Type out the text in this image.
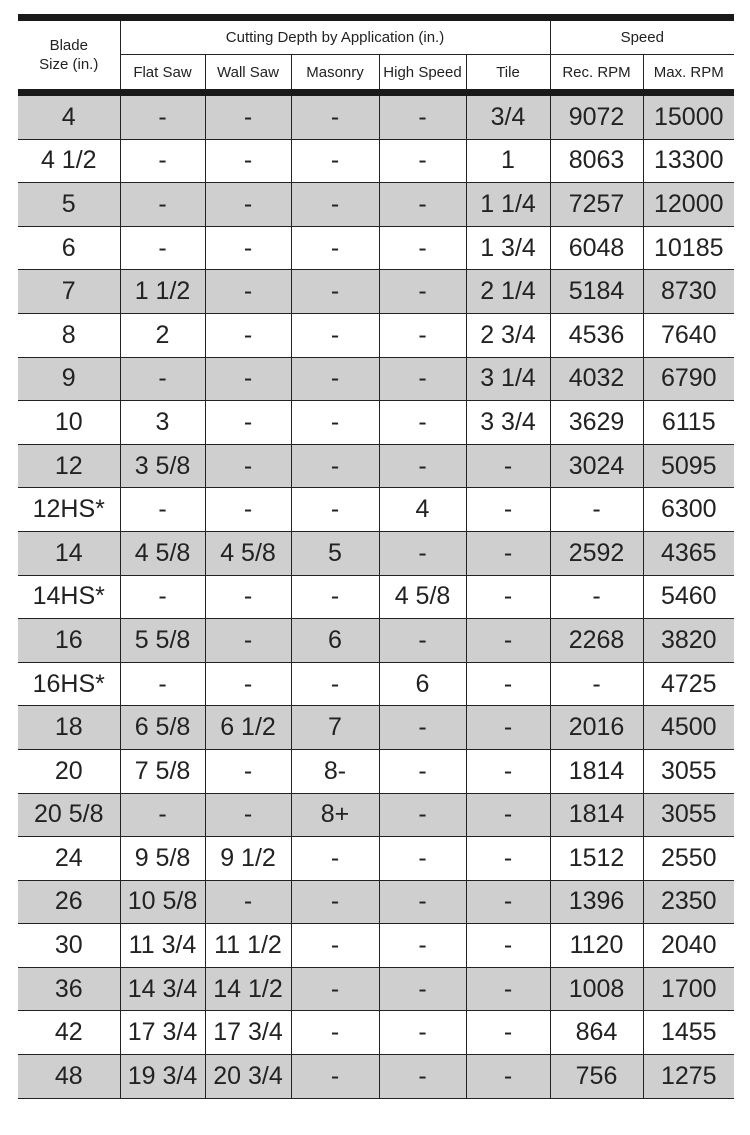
Blade
Size (in.)	Cutting Depth by Application (in.)					Speed	
	Flat Saw	Wall Saw	Masonry	High Speed	Tile	Rec. RPM	Max. RPM

4	-	-	-	-	3/4	9072	15000
4 1/2	-	-	-	-	1	8063	13300
5	-	-	-	-	1 1/4	7257	12000
6	-	-	-	-	1 3/4	6048	10185
7	1 1/2	-	-	-	2 1/4	5184	8730
8	2	-	-	-	2 3/4	4536	7640
9	-	-	-	-	3 1/4	4032	6790
10	3	-	-	-	3 3/4	3629	6115
12	3 5/8	-	-	-	-	3024	5095
12HS*	-	-	-	4	-	-	6300
14	4 5/8	4 5/8	5	-	-	2592	4365
14HS*	-	-	-	4 5/8	-	-	5460
16	5 5/8	-	6	-	-	2268	3820
16HS*	-	-	-	6	-	-	4725
18	6 5/8	6 1/2	7	-	-	2016	4500
20	7 5/8	-	8-	-	-	1814	3055
20 5/8	-	-	8+	-	-	1814	3055
24	9 5/8	9 1/2	-	-	-	1512	2550
26	10 5/8	-	-	-	-	1396	2350
30	11 3/4	11 1/2	-	-	-	1120	2040
36	14 3/4	14 1/2	-	-	-	1008	1700
42	17 3/4	17 3/4	-	-	-	864	1455
48	19 3/4	20 3/4	-	-	-	756	1275
